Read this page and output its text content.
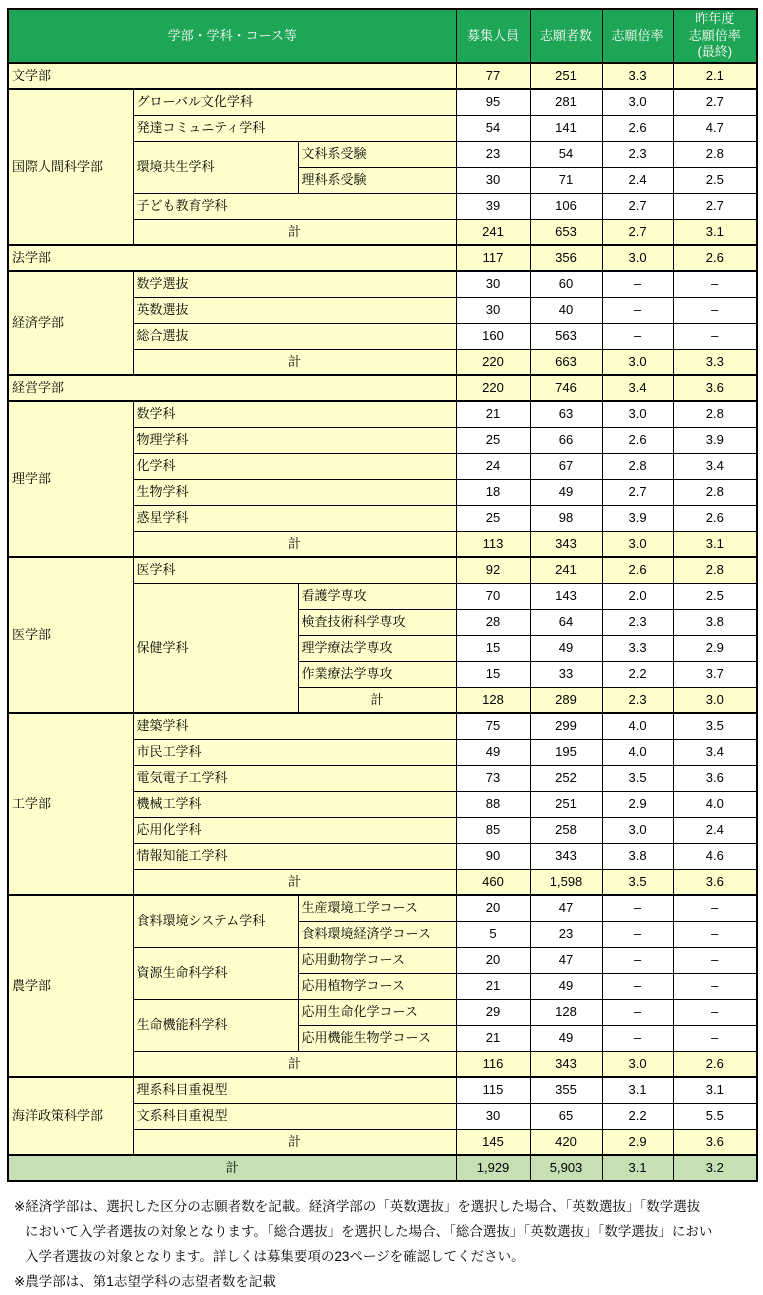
学部・学科・コース等			募集人員	志願者数	志願倍率	昨年度
志願倍率
(最終)
文学部			77	251	3.3	2.1
国際人間科学部	グローバル文化学科		95	281	3.0	2.7
	発達コミュニティ学科		54	141	2.6	4.7
	環境共生学科	文科系受験	23	54	2.3	2.8
		理科系受験	30	71	2.4	2.5
	子ども教育学科		39	106	2.7	2.7
	計		241	653	2.7	3.1
法学部			117	356	3.0	2.6
経済学部	数学選抜		30	60	–	–
	英数選抜		30	40	–	–
	総合選抜		160	563	–	–
	計		220	663	3.0	3.3
経営学部			220	746	3.4	3.6
理学部	数学科		21	63	3.0	2.8
	物理学科		25	66	2.6	3.9
	化学科		24	67	2.8	3.4
	生物学科		18	49	2.7	2.8
	惑星学科		25	98	3.9	2.6
	計		113	343	3.0	3.1
医学部	医学科		92	241	2.6	2.8
	保健学科	看護学専攻	70	143	2.0	2.5
		検査技術科学専攻	28	64	2.3	3.8
		理学療法学専攻	15	49	3.3	2.9
		作業療法学専攻	15	33	2.2	3.7
		計	128	289	2.3	3.0
工学部	建築学科		75	299	4.0	3.5
	市民工学科		49	195	4.0	3.4
	電気電子工学科		73	252	3.5	3.6
	機械工学科		88	251	2.9	4.0
	応用化学科		85	258	3.0	2.4
	情報知能工学科		90	343	3.8	4.6
	計		460	1,598	3.5	3.6
農学部	食料環境システム学科	生産環境工学コース	20	47	–	–
		食料環境経済学コース	5	23	–	–
	資源生命科学科	応用動物学コース	20	47	–	–
		応用植物学コース	21	49	–	–
	生命機能科学科	応用生命化学コース	29	128	–	–
		応用機能生物学コース	21	49	–	–
	計		116	343	3.0	2.6
海洋政策科学部	理系科目重視型		115	355	3.1	3.1
	文系科目重視型		30	65	2.2	5.5
	計		145	420	2.9	3.6
計			1,929	5,903	3.1	3.2
※経済学部は、選択した区分の志願者数を記載。経済学部の「英数選抜」を選択した場合、「英数選抜」「数学選抜
において入学者選抜の対象となります。「総合選抜」を選択した場合、「総合選抜」「英数選抜」「数学選抜」におい
入学者選抜の対象となります。詳しくは募集要項の23ページを確認してください。
※農学部は、第1志望学科の志望者数を記載
